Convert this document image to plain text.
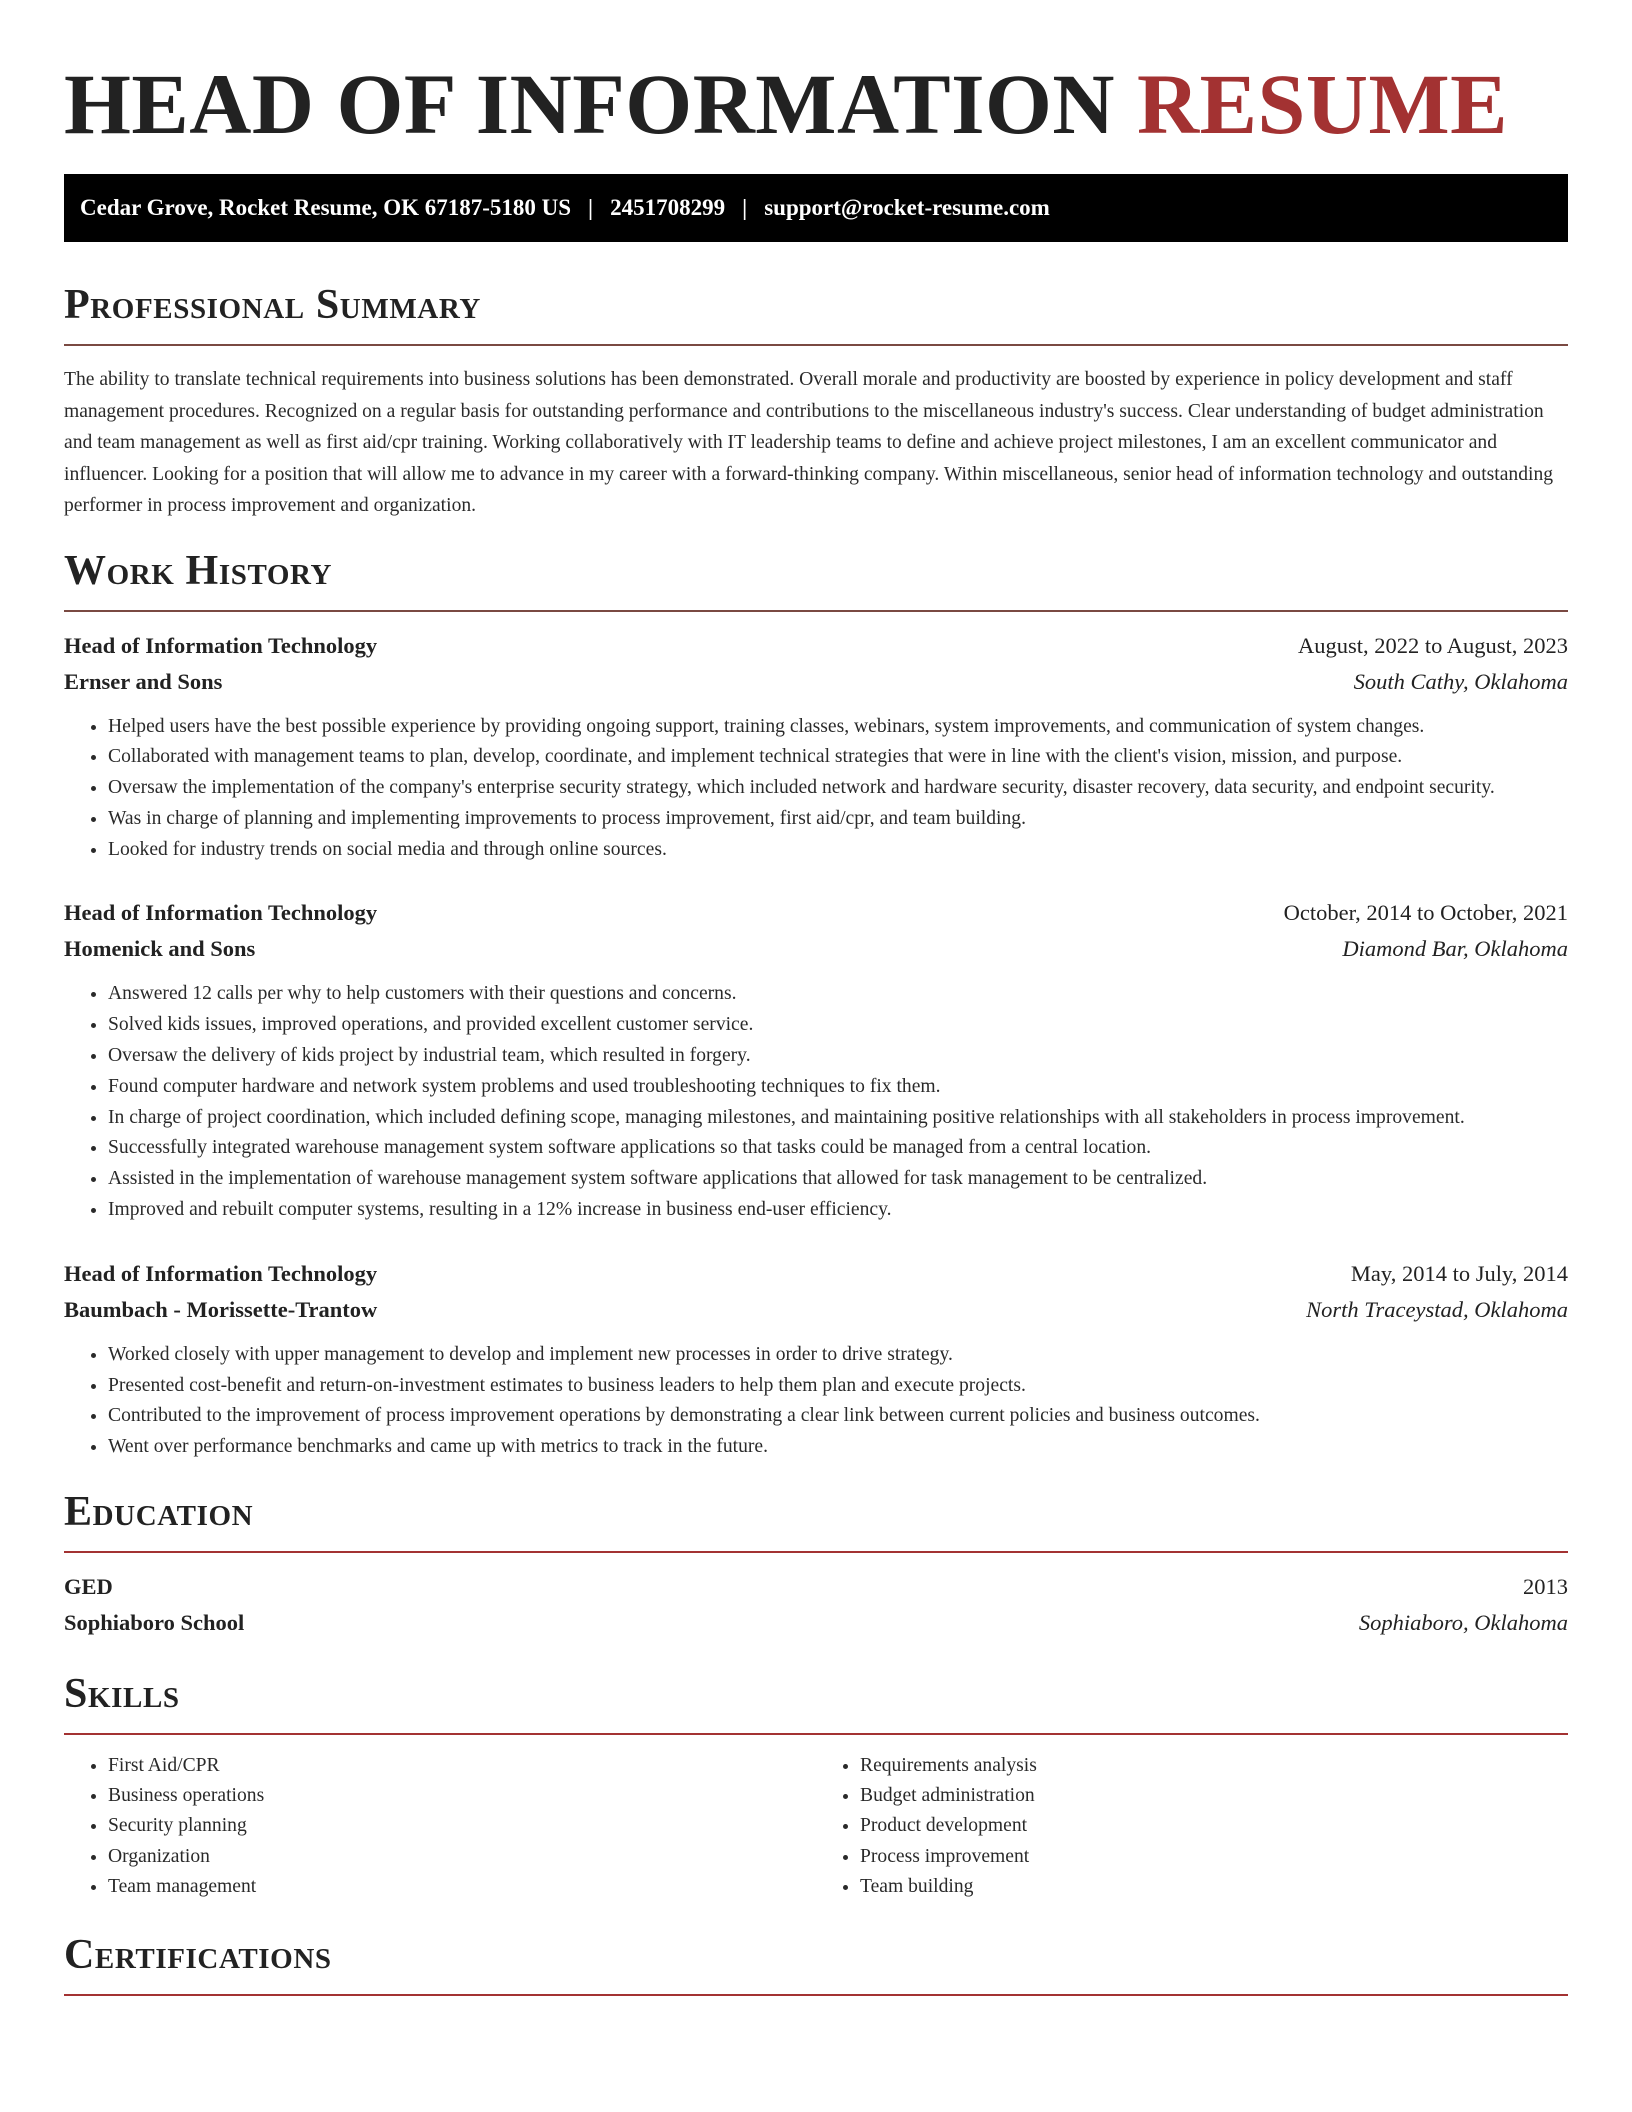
HEAD OF INFORMATION RESUME
Cedar Grove, Rocket Resume, OK 67187-5180 US | 2451708299 | support@rocket-resume.com
Professional Summary

The ability to translate technical requirements into business solutions has been demonstrated. Overall morale and productivity are boosted by experience in policy development and staff management procedures. Recognized on a regular basis for outstanding performance and contributions to the miscellaneous industry's success. Clear understanding of budget administration and team management as well as first aid/cpr training. Working collaboratively with IT leadership teams to define and achieve project milestones, I am an excellent communicator and influencer. Looking for a position that will allow me to advance in my career with a forward-thinking company. Within miscellaneous, senior head of information technology and outstanding performer in process improvement and organization.

Work History
Head of Information Technology	August, 2022 to August, 2023
Ernser and Sons	South Cathy, Oklahoma
• Helped users have the best possible experience by providing ongoing support, training classes, webinars, system improvements, and communication of system changes.
• Collaborated with management teams to plan, develop, coordinate, and implement technical strategies that were in line with the client's vision, mission, and purpose.
• Oversaw the implementation of the company's enterprise security strategy, which included network and hardware security, disaster recovery, data security, and endpoint security.
• Was in charge of planning and implementing improvements to process improvement, first aid/cpr, and team building.
• Looked for industry trends on social media and through online sources.
Head of Information Technology	October, 2014 to October, 2021
Homenick and Sons	Diamond Bar, Oklahoma
• Answered 12 calls per why to help customers with their questions and concerns.
• Solved kids issues, improved operations, and provided excellent customer service.
• Oversaw the delivery of kids project by industrial team, which resulted in forgery.
• Found computer hardware and network system problems and used troubleshooting techniques to fix them.
• In charge of project coordination, which included defining scope, managing milestones, and maintaining positive relationships with all stakeholders in process improvement.
• Successfully integrated warehouse management system software applications so that tasks could be managed from a central location.
• Assisted in the implementation of warehouse management system software applications that allowed for task management to be centralized.
• Improved and rebuilt computer systems, resulting in a 12% increase in business end-user efficiency.
Head of Information Technology	May, 2014 to July, 2014
Baumbach - Morissette-Trantow	North Traceystad, Oklahoma
• Worked closely with upper management to develop and implement new processes in order to drive strategy.
• Presented cost-benefit and return-on-investment estimates to business leaders to help them plan and execute projects.
• Contributed to the improvement of process improvement operations by demonstrating a clear link between current policies and business outcomes.
• Went over performance benchmarks and came up with metrics to track in the future.
Education
GED	2013
Sophiaboro School	Sophiaboro, Oklahoma
Skills
• First Aid/CPR
• Business operations
• Security planning
• Organization
• Team management
• Requirements analysis
• Budget administration
• Product development
• Process improvement
• Team building
Certifications
